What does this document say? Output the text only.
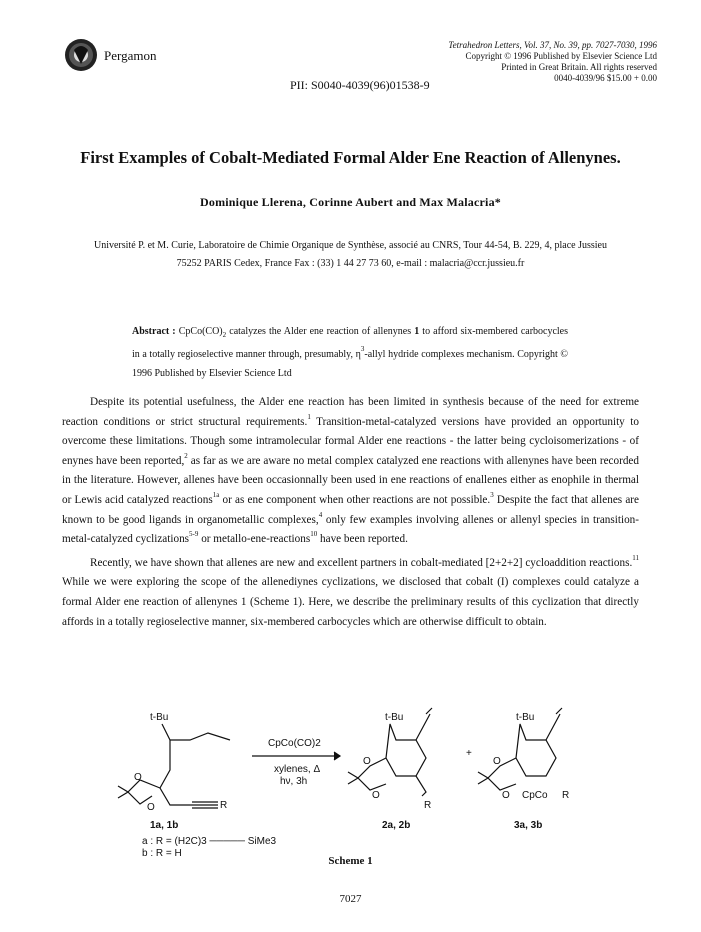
Pergamon
Tetrahedron Letters, Vol. 37, No. 39, pp. 7027-7030, 1996
Copyright © 1996 Published by Elsevier Science Ltd
Printed in Great Britain. All rights reserved
0040-4039/96 $15.00 + 0.00
PII: S0040-4039(96)01538-9
First Examples of Cobalt-Mediated Formal Alder Ene Reaction of Allenynes.
Dominique Llerena, Corinne Aubert and Max Malacria*
Université P. et M. Curie, Laboratoire de Chimie Organique de Synthèse, associé au CNRS, Tour 44-54, B. 229, 4, place Jussieu
75252 PARIS Cedex, France Fax : (33) 1 44 27 73 60, e-mail : malacria@ccr.jussieu.fr
Abstract : $CpCo(CO)_2$ catalyzes the Alder ene reaction of allenynes 1 to afford six-membered carbocycles in a totally regioselective manner through, presumably, $\eta^3$-allyl hydride complexes mechanism. Copyright © 1996 Published by Elsevier Science Ltd

Despite its potential usefulness, the Alder ene reaction has been limited in synthesis because of the need for extreme reaction conditions or strict structural requirements.$^1$ Transition-metal-catalyzed versions have provided an opportunity to overcome these limitations. Though some intramolecular formal Alder ene reactions - the latter being cycloisomerizations - of enynes have been reported,$^2$ as far as we are aware no metal complex catalyzed ene reactions with allenynes have been recorded in the literature. However, allenes have been occasionnally been used in ene reactions of enallenes either as enophile in thermal or Lewis acid catalyzed reactions$^{1a}$ or as ene component when other reactions are not possible.$^3$ Despite the fact that allenes are known to be good ligands in organometallic complexes,$^4$ only few examples involving allenes or allenyl species in transition-metal-catalyzed cyclizations$^{5-9}$ or metallo-ene-reactions$^{10}$ have been reported.

Recently, we have shown that allenes are new and excellent partners in cobalt-mediated [2+2+2] cycloaddition reactions.$^{11}$ While we were exploring the scope of the allenediynes cyclizations, we disclosed that cobalt (I) complexes could catalyze a formal Alder ene reaction of allenynes 1 (Scheme 1). Here, we describe the preliminary results of this cyclization that directly affords in a totally regioselective manner, six-membered carbocycles which are otherwise difficult to obtain.

t-Bu
O
O	R
CpCo(CO)2
xylenes, Δ
hν, 3h
t-Bu
O
O
R
+
t-Bu
O
O CpCo R
1a, 1b	2a, 2b	3a, 3b
a : R = (H2C)3 ───── SiMe3
b : R = H
Scheme 1
7027
